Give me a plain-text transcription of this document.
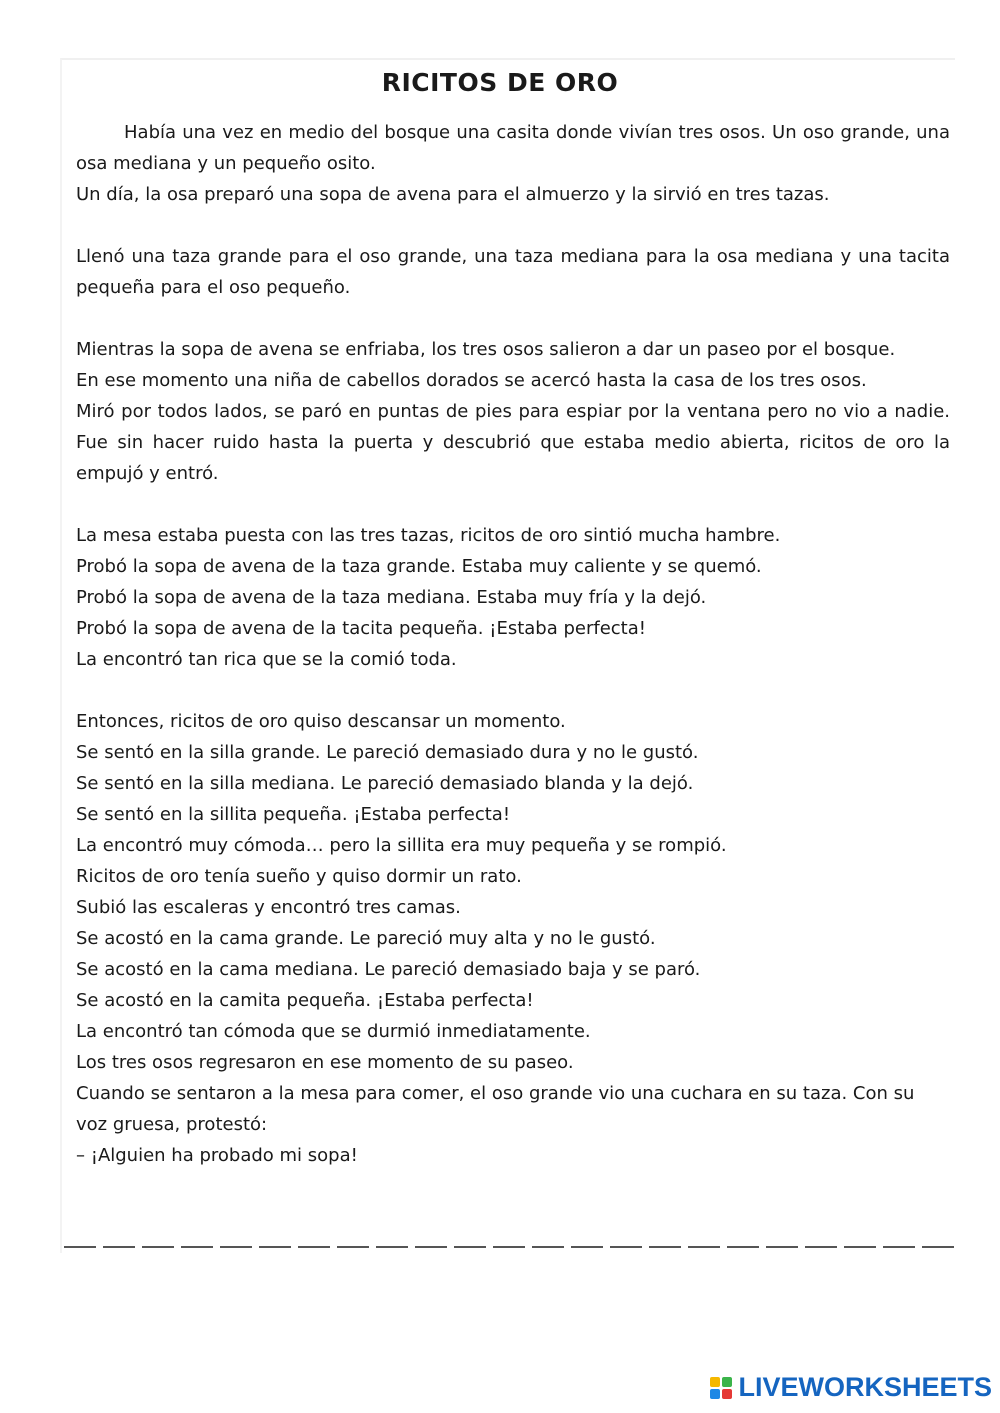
RICITOS DE ORO

Había una vez en medio del bosque una casita donde vivían tres osos. Un oso grande, una osa mediana y un pequeño osito.

Un día, la osa preparó una sopa de avena para el almuerzo y la sirvió en tres tazas.

Llenó una taza grande para el oso grande, una taza mediana para la osa mediana y una tacita pequeña para el oso pequeño.

Mientras la sopa de avena se enfriaba, los tres osos salieron a dar un paseo por el bosque.

En ese momento una niña de cabellos dorados se acercó hasta la casa de los tres osos.

Miró por todos lados, se paró en puntas de pies para espiar por la ventana pero no vio a nadie. Fue sin hacer ruido hasta la puerta y descubrió que estaba medio abierta, ricitos de oro la empujó y entró.

La mesa estaba puesta con las tres tazas, ricitos de oro sintió mucha hambre.

Probó la sopa de avena de la taza grande. Estaba muy caliente y se quemó.

Probó la sopa de avena de la taza mediana. Estaba muy fría y la dejó.

Probó la sopa de avena de la tacita pequeña. ¡Estaba perfecta!

La encontró tan rica que se la comió toda.

Entonces, ricitos de oro quiso descansar un momento.

Se sentó en la silla grande. Le pareció demasiado dura y no le gustó.

Se sentó en la silla mediana. Le pareció demasiado blanda y la dejó.

Se sentó en la sillita pequeña. ¡Estaba perfecta!

La encontró muy cómoda… pero la sillita era muy pequeña y se rompió.

Ricitos de oro tenía sueño y quiso dormir un rato.

Subió las escaleras y encontró tres camas.

Se acostó en la cama grande. Le pareció muy alta y no le gustó.

Se acostó en la cama mediana. Le pareció demasiado baja y se paró.

Se acostó en la camita pequeña. ¡Estaba perfecta!

La encontró tan cómoda que se durmió inmediatamente.

Los tres osos regresaron en ese momento de su paseo.

Cuando se sentaron a la mesa para comer, el oso grande vio una cuchara en su taza. Con su voz gruesa, protestó:

– ¡Alguien ha probado mi sopa!

LIVEWORKSHEETS
